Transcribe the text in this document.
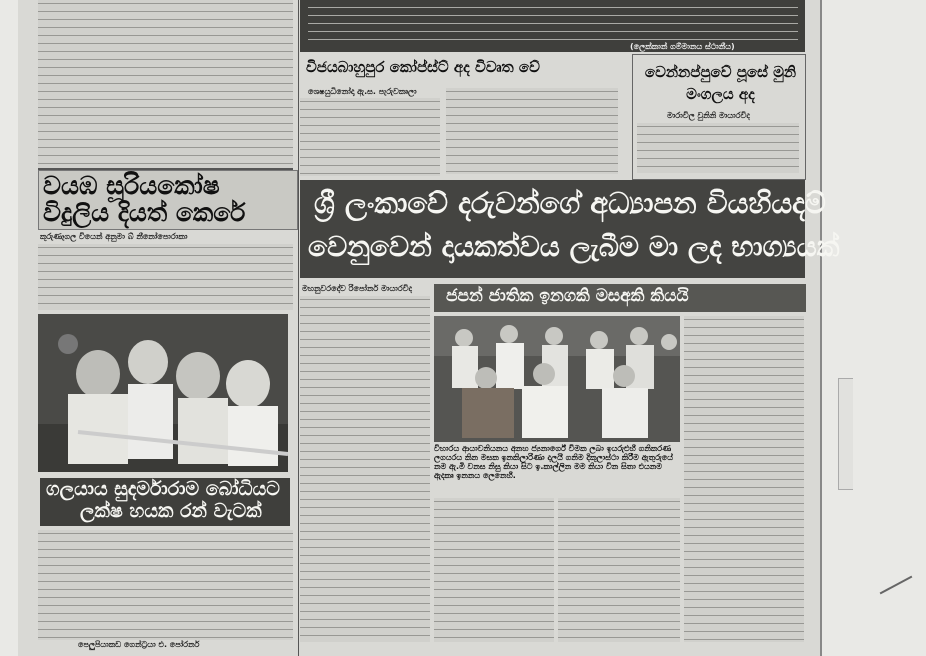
වයඹ සූරියකෝෂ
විදුලිය දියත් කෙරේ
කුරුණෑගල වියෙන් අනුමා බ් නීනෝපොරාකා
ගලයාය සුදර්මාරාම බෝධියට
ලක්ෂ හයක රන් වැටක්
පෙලුපියාකඩ ගෙන්ට්‍රයා එ. පෝරනර්
(ලෙක්කාන් ගම්මානය ස්ථානීය)
විජයබාහුපුර කෝප්ස්ට් අද විවෘත වේ
ශෙෂයුධිනෝදා ඇ.ස. පැරුවකෘලා
වෙන්නප්පුවේ පූසේ මුනි මංගලය අද
මාරාවිල වුනිනි මායාරවිද
ශ්‍රී ලංකාවේ දරුවන්ගේ අධ්‍යාපන වියහියදම්
වෙනුවෙන් දායකත්වය ලැබීම මා ලද භාග්‍යයක්
මහනුවරදේව රිපෝනර් මායාරවිද ජපන් ජාතික ඉනගකි මසඅකි කියයි
විහාරය ආයාවනියනය අනහ ජ්‍යනාර්ගේ වීමක ලබා ඉයරුළුහී ගනිකරණ ලගයරය කින මසක ඉනකිලාරිණා දලයී ගනිම දිකුලාස්ථා කිරීම ඇතුරුයේ නම ඇ.මි වනස නිසු කියා සිට ඉ.කාල්ලින මම කියා වින සිතා එයනම ඇදකෘ ඉනනය ලෙනෙහී.
